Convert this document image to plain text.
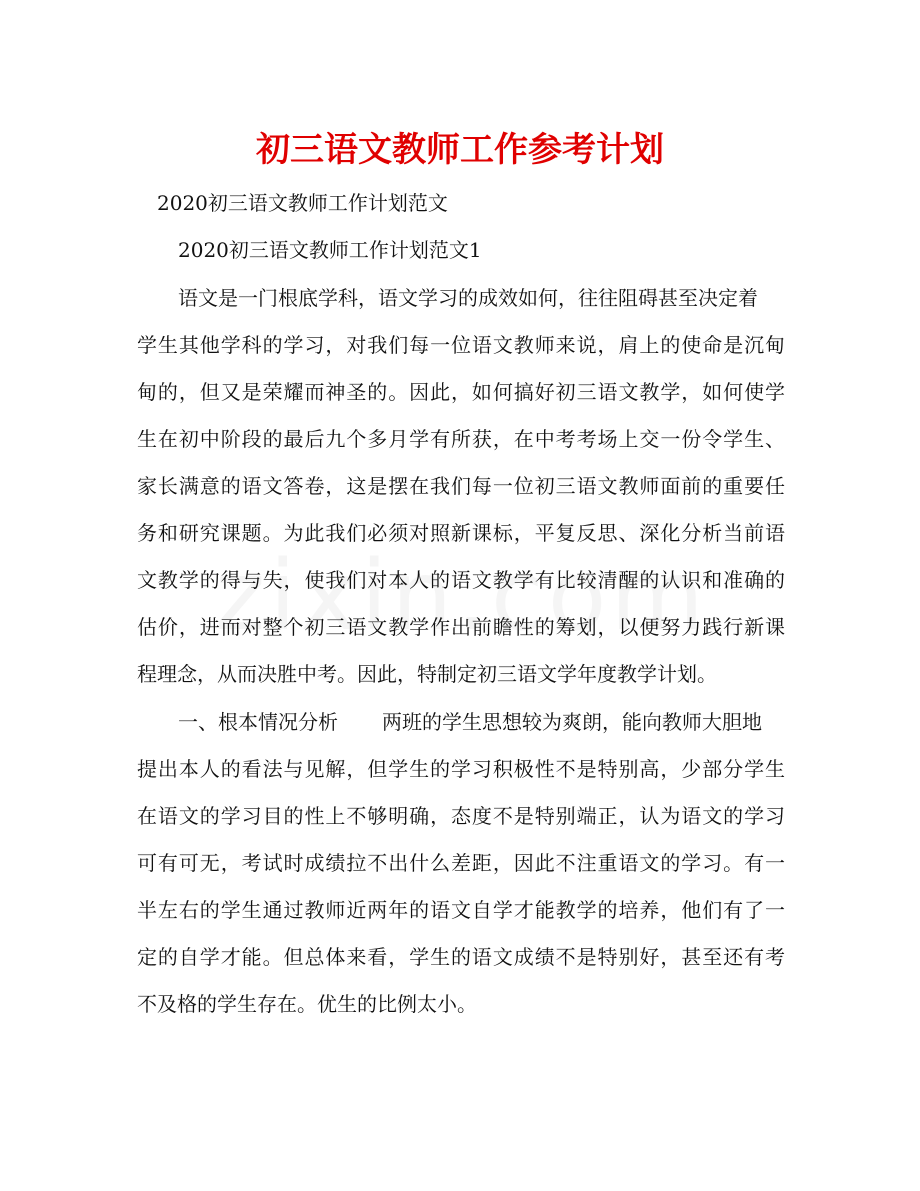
初三语文教师工作参考计划

2020初三语文教师工作计划范文

2020初三语文教师工作计划范文1

语文是一门根底学科，语文学习的成效如何，往往阻碍甚至决定着

学生其他学科的学习，对我们每一位语文教师来说，肩上的使命是沉甸

甸的，但又是荣耀而神圣的。因此，如何搞好初三语文教学，如何使学

生在初中阶段的最后九个多月学有所获，在中考考场上交一份令学生、

家长满意的语文答卷，这是摆在我们每一位初三语文教师面前的重要任

务和研究课题。为此我们必须对照新课标，平复反思、深化分析当前语

文教学的得与失，使我们对本人的语文教学有比较清醒的认识和准确的

估价，进而对整个初三语文教学作出前瞻性的筹划，以便努力践行新课

程理念，从而决胜中考。因此，特制定初三语文学年度教学计划。

一、根本情况分析 两班的学生思想较为爽朗，能向教师大胆地

提出本人的看法与见解，但学生的学习积极性不是特别高，少部分学生

在语文的学习目的性上不够明确，态度不是特别端正，认为语文的学习

可有可无，考试时成绩拉不出什么差距，因此不注重语文的学习。有一

半左右的学生通过教师近两年的语文自学才能教学的培养，他们有了一

定的自学才能。但总体来看，学生的语文成绩不是特别好，甚至还有考

不及格的学生存在。优生的比例太小。
